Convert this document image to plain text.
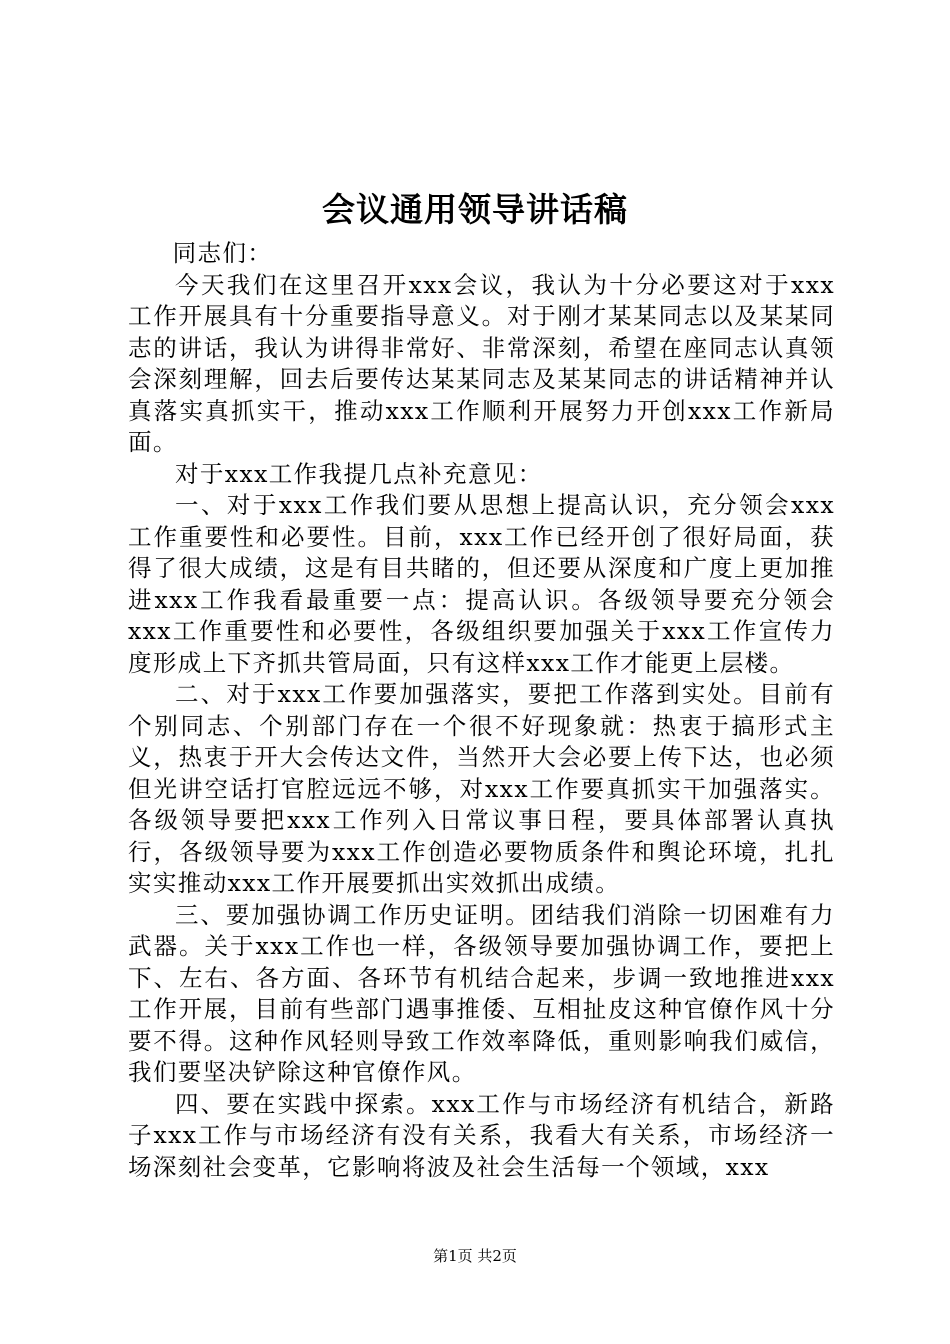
会议通用领导讲话稿

同志们：

今天我们在这里召开xxx会议，我认为十分必要这对于xxx工作开展具有十分重要指导意义。对于刚才某某同志以及某某同志的讲话，我认为讲得非常好、非常深刻，希望在座同志认真领会深刻理解，回去后要传达某某同志及某某同志的讲话精神并认真落实真抓实干，推动xxx工作顺利开展努力开创xxx工作新局面。

对于xxx工作我提几点补充意见：

一、对于xxx工作我们要从思想上提高认识，充分领会xxx工作重要性和必要性。目前，xxx工作已经开创了很好局面，获得了很大成绩，这是有目共睹的，但还要从深度和广度上更加推进xxx工作我看最重要一点：提高认识。各级领导要充分领会xxx工作重要性和必要性，各级组织要加强关于xxx工作宣传力度形成上下齐抓共管局面，只有这样xxx工作才能更上层楼。

二、对于xxx工作要加强落实，要把工作落到实处。目前有个别同志、个别部门存在一个很不好现象就：热衷于搞形式主义，热衷于开大会传达文件，当然开大会必要上传下达，也必须但光讲空话打官腔远远不够，对xxx工作要真抓实干加强落实。各级领导要把xxx工作列入日常议事日程，要具体部署认真执行，各级领导要为xxx工作创造必要物质条件和舆论环境，扎扎实实推动xxx工作开展要抓出实效抓出成绩。

三、要加强协调工作历史证明。团结我们消除一切困难有力武器。关于xxx工作也一样，各级领导要加强协调工作，要把上下、左右、各方面、各环节有机结合起来，步调一致地推进xxx工作开展，目前有些部门遇事推倭、互相扯皮这种官僚作风十分要不得。这种作风轻则导致工作效率降低，重则影响我们威信，我们要坚决铲除这种官僚作风。

四、要在实践中探索。xxx工作与市场经济有机结合，新路子xxx工作与市场经济有没有关系，我看大有关系，市场经济一场深刻社会变革，它影响将波及社会生活每一个领域，xxx

第1页 共2页
